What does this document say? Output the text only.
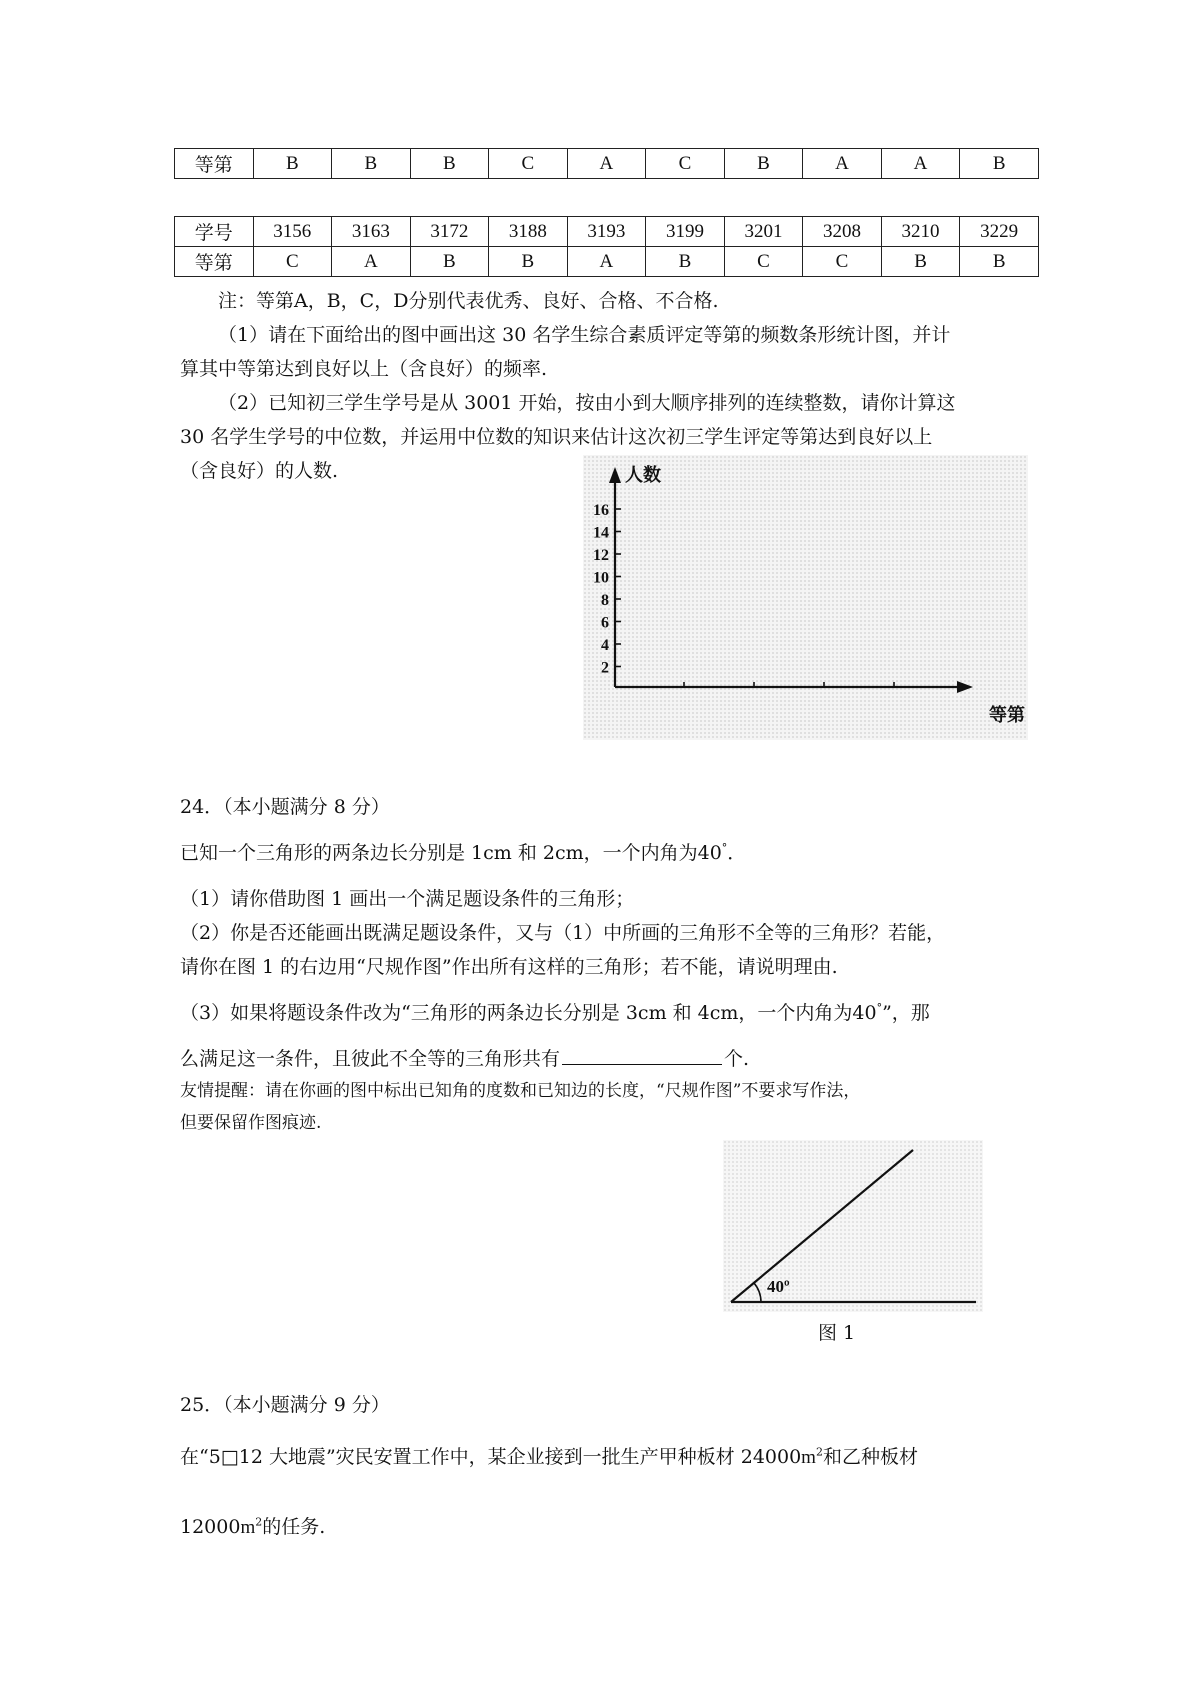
等第	B	B	B	C	A	C	B	A	A	B
学号	3156	3163	3172	3188	3193	3199	3201	3208	3210	3229
等第	C	A	B	B	A	B	C	C	B	B
注：等第A，B，C，D分别代表优秀、良好、合格、不合格.
（1）请在下面给出的图中画出这 30 名学生综合素质评定等第的频数条形统计图，并计
算其中等第达到良好以上（含良好）的频率.
（2）已知初三学生学号是从 3001 开始，按由小到大顺序排列的连续整数，请你计算这
30 名学生学号的中位数，并运用中位数的知识来估计这次初三学生评定等第达到良好以上
（含良好）的人数.
2
4
6
8
10
12
14
16
人数
等第
24．（本小题满分 8 分）
已知一个三角形的两条边长分别是 1cm 和 2cm，一个内角为40°．
（1）请你借助图 1 画出一个满足题设条件的三角形；
（2）你是否还能画出既满足题设条件，又与（1）中所画的三角形不全等的三角形？若能，
请你在图 1 的右边用“尺规作图”作出所有这样的三角形；若不能，请说明理由.
（3）如果将题设条件改为“三角形的两条边长分别是 3cm 和 4cm，一个内角为40°”，那
么满足这一条件，且彼此不全等的三角形共有	个.
友情提醒：请在你画的图中标出已知角的度数和已知边的长度，“尺规作图”不要求写作法，
但要保留作图痕迹.
40º
图 1
25．（本小题满分 9 分）
在“5□12 大地震”灾民安置工作中，某企业接到一批生产甲种板材 $24000m^2$和乙种板材
$12000m^2$的任务.
